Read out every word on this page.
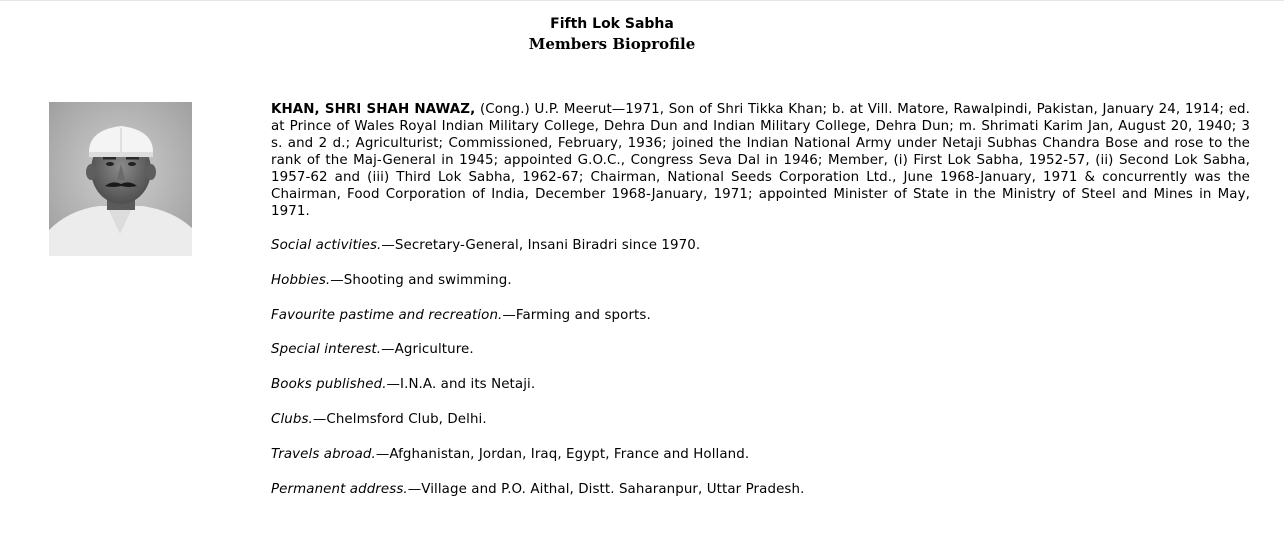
Fifth Lok Sabha
Members Bioprofile

KHAN, SHRI SHAH NAWAZ, (Cong.) U.P. Meerut—1971, Son of Shri Tikka Khan; b. at Vill. Matore, Rawalpindi, Pakistan, January 24, 1914; ed. at Prince of Wales Royal Indian Military College, Dehra Dun and Indian Military College, Dehra Dun; m. Shrimati Karim Jan, August 20, 1940; 3 s. and 2 d.; Agriculturist; Commissioned, February, 1936; joined the Indian National Army under Netaji Subhas Chandra Bose and rose to the rank of the Maj-General in 1945; appointed G.O.C., Congress Seva Dal in 1946; Member, (i) First Lok Sabha, 1952-57, (ii) Second Lok Sabha, 1957-62 and (iii) Third Lok Sabha, 1962-67; Chairman, National Seeds Corporation Ltd., June 1968-January, 1971 & concurrently was the Chairman, Food Corporation of India, December 1968-January, 1971; appointed Minister of State in the Ministry of Steel and Mines in May, 1971.

Social activities.—Secretary-General, Insani Biradri since 1970.

Hobbies.—Shooting and swimming.

Favourite pastime and recreation.—Farming and sports.

Special interest.—Agriculture.

Books published.—I.N.A. and its Netaji.

Clubs.—Chelmsford Club, Delhi.

Travels abroad.—Afghanistan, Jordan, Iraq, Egypt, France and Holland.

Permanent address.—Village and P.O. Aithal, Distt. Saharanpur, Uttar Pradesh.
